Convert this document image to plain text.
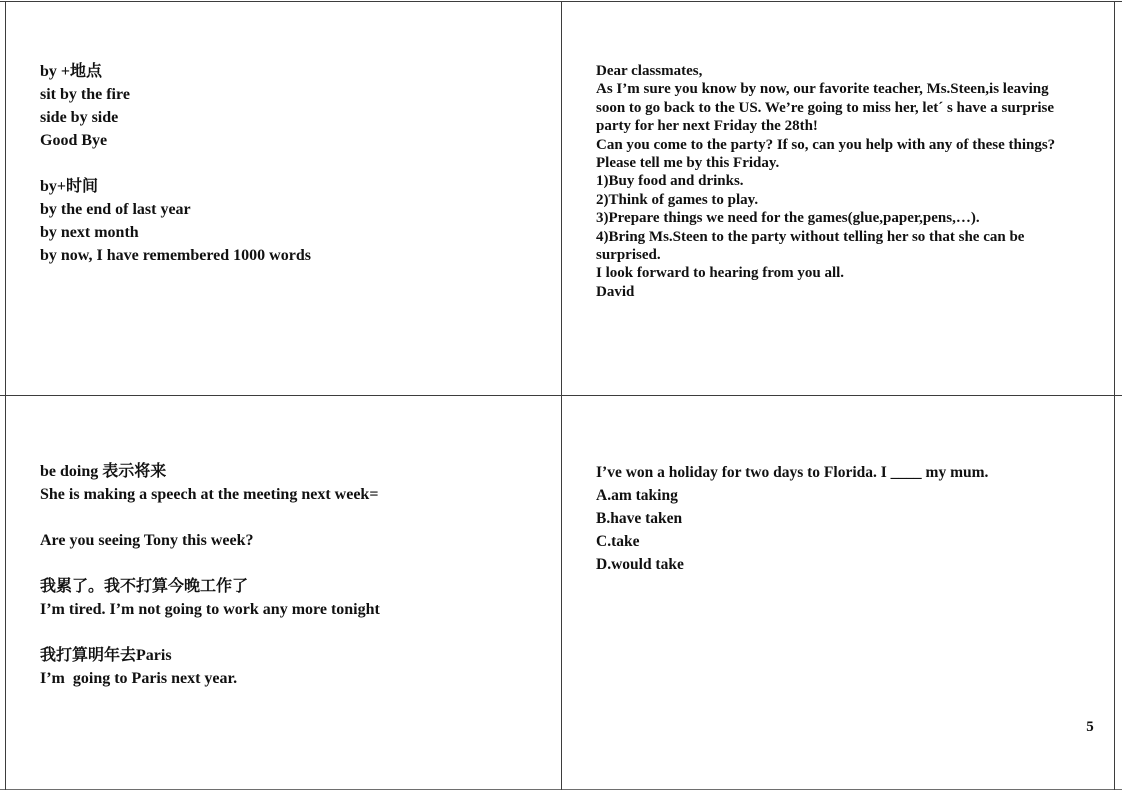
by +地点
sit by the fire
side by side
Good Bye

by+时间
by the end of last year
by next month
by now, I have remembered 1000 words
Dear classmates,
As I’m sure you know by now, our favorite teacher, Ms.Steen,is leaving
soon to go back to the US. We’re going to miss her, let´ s have a surprise
party for her next Friday the 28th!
Can you come to the party? If so, can you help with any of these things?
Please tell me by this Friday.
1)Buy food and drinks.
2)Think of games to play.
3)Prepare things we need for the games(glue,paper,pens,…).
4)Bring Ms.Steen to the party without telling her so that she can be
surprised.
I look forward to hearing from you all.
David
be doing 表示将来
She is making a speech at the meeting next week=

Are you seeing Tony this week?

我累了。我不打算今晚工作了
I’m tired. I’m not going to work any more tonight

我打算明年去Paris
I’m  going to Paris next year.
I’ve won a holiday for two days to Florida. I ____ my mum.
A.am taking
B.have taken
C.take
D.would take
5
